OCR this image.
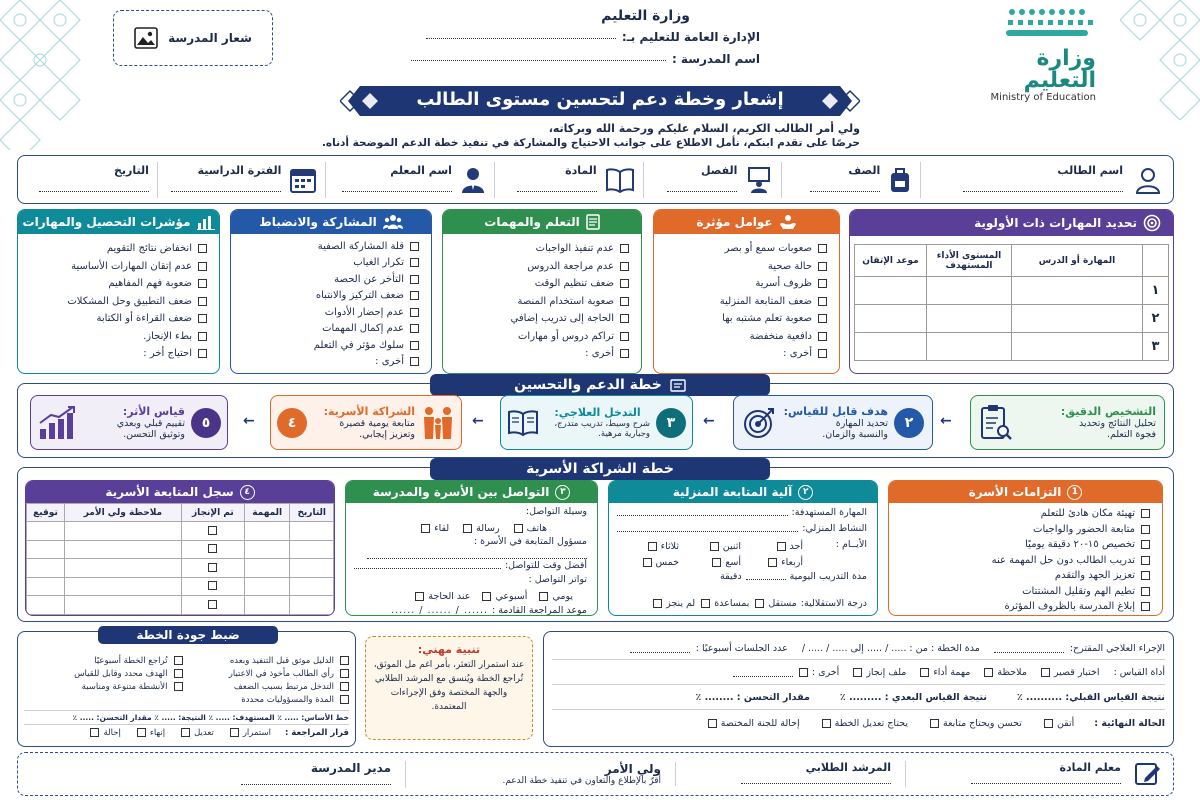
وزارة التعليم
Ministry of Education
وزارة التعليم
الإدارة العامة للتعليم بـ:
اسم المدرسة :
شعار المدرسة
إشعار وخطة دعم لتحسين مستوى الطالب
ولي أمر الطالب الكريم، السلام عليكم ورحمة الله وبركاته،
حرصًا على تقدم ابنكم، نأمل الاطلاع على جوانب الاحتياج والمشاركة في تنفيذ خطة الدعم الموضحة أدناه.
اسم الطالب
الصف
الفصل
المادة
اسم المعلم
الفترة الدراسية
التاريخ
تحديد المهارات ذات الأولوية
	المهارة أو الدرس	المستوى الأداء المستهدف	موعد الإتقان
١			
٢			
٣			
عوامل مؤثرة
صعوبات سمع أو بصر
حالة صحية
ظروف أسرية
ضعف المتابعة المنزلية
صعوبة تعلم مشتبه بها
دافعية منخفضة
أخرى :
التعلم والمهمات
عدم تنفيذ الواجبات
عدم مراجعة الدروس
ضعف تنظيم الوقت
صعوبة استخدام المنصة
الحاجة إلى تدريب إضافي
تراكم دروس أو مهارات
أخرى :
المشاركة والانضباط
قلة المشاركة الصفية
تكرار الغياب
التأخر عن الحصة
ضعف التركيز والانتباه
عدم إحضار الأدوات
عدم إكمال المهمات
سلوك مؤثر في التعلم
أخرى :
مؤشرات التحصيل والمهارات
انخفاض نتائج التقويم
عدم إتقان المهارات الأساسية
ضعوبة فهم المفاهيم
ضعف التطبيق وحل المشكلات
ضعف القراءة أو الكتابة
بطء الإنجاز.
احتياج أخر :
خطة الدعم والتحسين
التشخيص الدقيق:
تحليل النتائج وتحديد
فجوة التعلم.
←
٢
هدف قابل للقياس:
تحديد المهارة
والنسبة والزمان.
←
٣
التدخل العلاجي:
شرح وسيط، تدريب متدرج،
وجبارية مرهية.
←
الشراكة الأسرية:
متابعة يومية قصيرة
وتعزيز إيجابي.
٤
←
٥
قياس الأثر:
تقييم قبلي وبعدي
وتوثيق التحسن.
خطة الشراكة الأسرية
1
التزامات الأسرة
تهيئة مكان هادئ للتعلم
متابعة الحضور والواجبات
تخصيص ١٥-٢٠ دقيقة يوميًا
تدريب الطالب دون حل المهمة عنه
تعزيز الجهد والتقدم
تطيم الهم وتقليل المشتتات
إبلاغ المدرسة بالظروف المؤثرة
٢
آلية المتابعة المنزلية
المهارة المستهدفة:
النشاط المنزلي:
الأيــام :
أحد
اثنين
ثلاثاء
أربعاء
أسع
خمس
مدة التدريب اليومية
دقيقة
درجة الاستقلالية:
مستقل
بمساعدة
لم ينجز
٣
التواصل بين الأسرة والمدرسة
وسيلة التواصل:
هاتف
رسالة
لقاء
مسؤول المتابعة في الأسرة :
أفضل وقت للتواصل:
تواتر التواصل :
يومي
أسبوعي
عند الحاجة
موعد المراجعة القادمة :
...... / ...... / ......
٤
سجل المتابعة الأسرية
التاريخ	المهمة	تم الإنجاز	ملاحظة ولي الأمر	توقيع

الإجراء العلاجي المقترح:
مدة الخطة : من : ..... / ..... إلى ..... / ..... /
عدد الجلسات أسبوعيًا :
أداة القياس :
اختبار قصير
ملاحظة
مهمة أداء
ملف إنجاز
أخرى :
نتيجة القياس القبلي: .......... ٪
نتيجة القياس البعدي : ......... ٪
مقدار التحسن : ........ ٪
الحالة النهائية :
أتقن
تحسن ويحتاج متابعة
يحتاج تعديل الخطة
إحالة للجنة المختصة
تنبية مهني:
عند استمرار التعثر، بأمر اغم مل الموثق،
تُراجع الخطة ويُنسق مع المرشد الطلابي
والجهة المختصة وفق الإجراءات
المعتمدة.
ضبط جودة الخطة
الدليل موثق قبل التنفيذ وبعده
تُراجع الخطة أسبوعيًا
رأي الطالب مأخوذ في الاعتبار
الهدف محدد وقابل للقياس
التدخل مرتبط بسبب الضعف
الأنشطة متنوعة ومناسبة
المدة والمسؤوليات محددة
خط الأساس: ..... ٪ المستهدف: ..... ٪ النتيجة: ..... ٪ مقدار التحسن: ..... ٪
قرار المراجعة :
استمرار
تعديل
إنهاء
إحالة
معلم المادة
المرشد الطلابي
ولي الأمر
أقرّ بالإطلاع والتعاون في تنفيذ خطة الدعم.
مدير المدرسة
